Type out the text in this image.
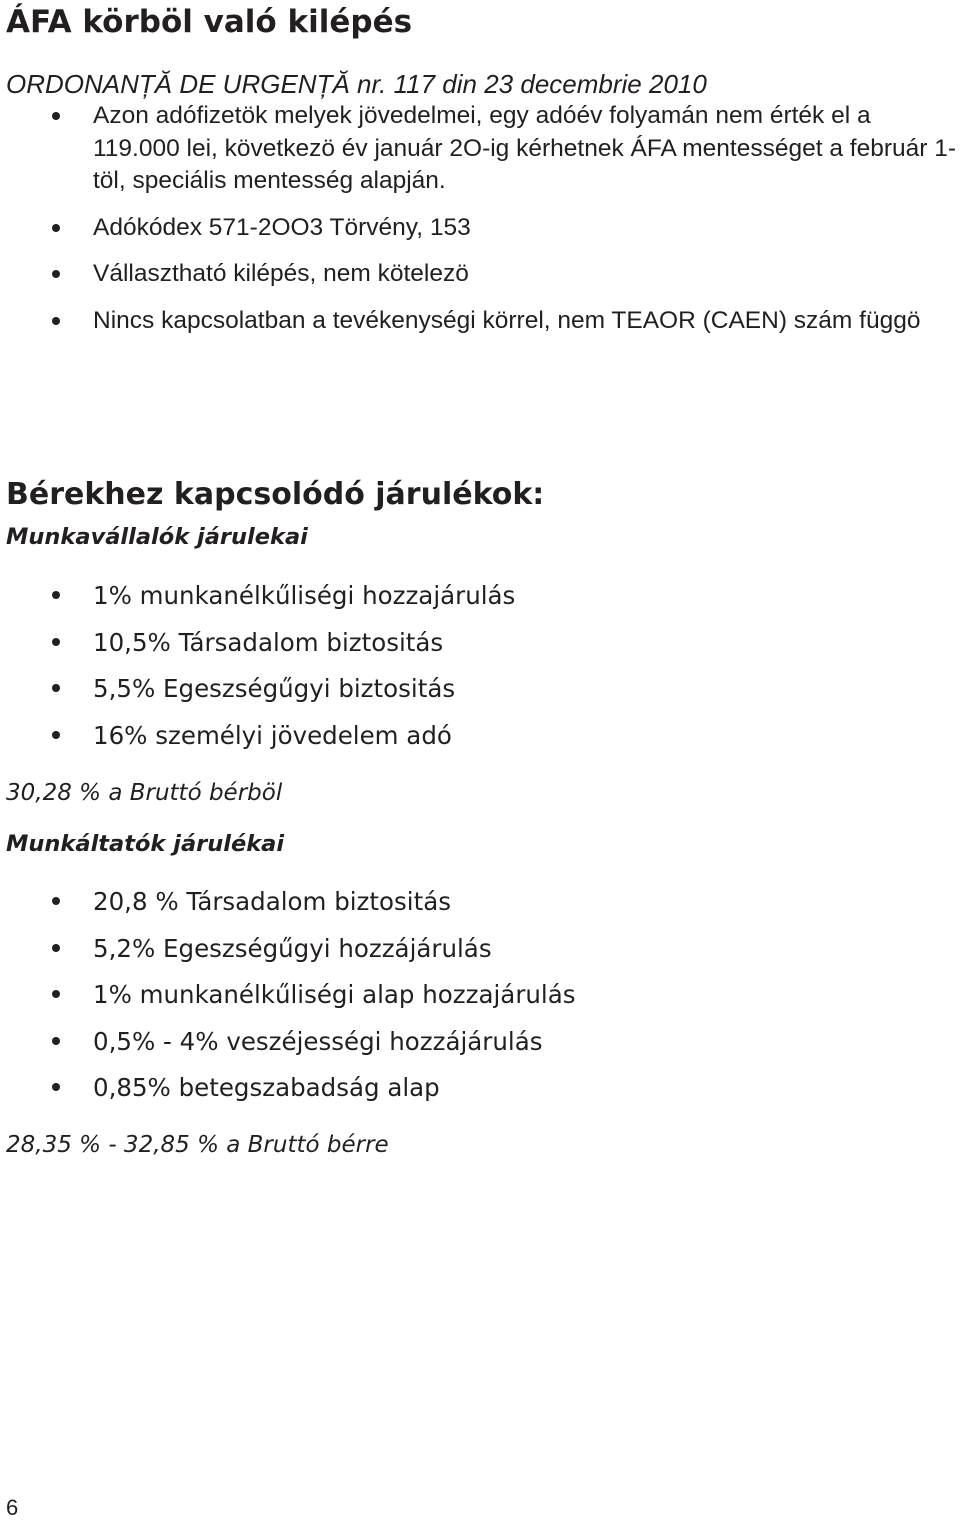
ÁFA körböl való kilépés
ORDONANȚĂ DE URGENȚĂ nr. 117 din 23 decembrie 2010
Azon adófizetök melyek jövedelmei, egy adóév folyamán nem érték el a 119.000 lei, következö év január 2O-ig kérhetnek ÁFA mentességet a február 1-töl, speciális mentesség alapján.
Adókódex 571-2OO3 Törvény, 153
Vállasztható kilépés, nem kötelezö
Nincs kapcsolatban a tevékenységi körrel, nem TEAOR (CAEN) szám függö
Bérekhez kapcsolódó járulékok:
Munkavállalók járulekai
1% munkanélkűliségi hozzajárulás
10,5% Társadalom biztositás
5,5% Egeszségűgyi biztositás
16% személyi jövedelem adó
30,28 % a Bruttó bérböl
Munkáltatók járulékai
20,8 % Társadalom biztositás
5,2% Egeszségűgyi hozzájárulás
1% munkanélkűliségi alap hozzajárulás
0,5% - 4% veszéjességi hozzájárulás
0,85% betegszabadság alap
28,35 % - 32,85 % a Bruttó bérre
6
